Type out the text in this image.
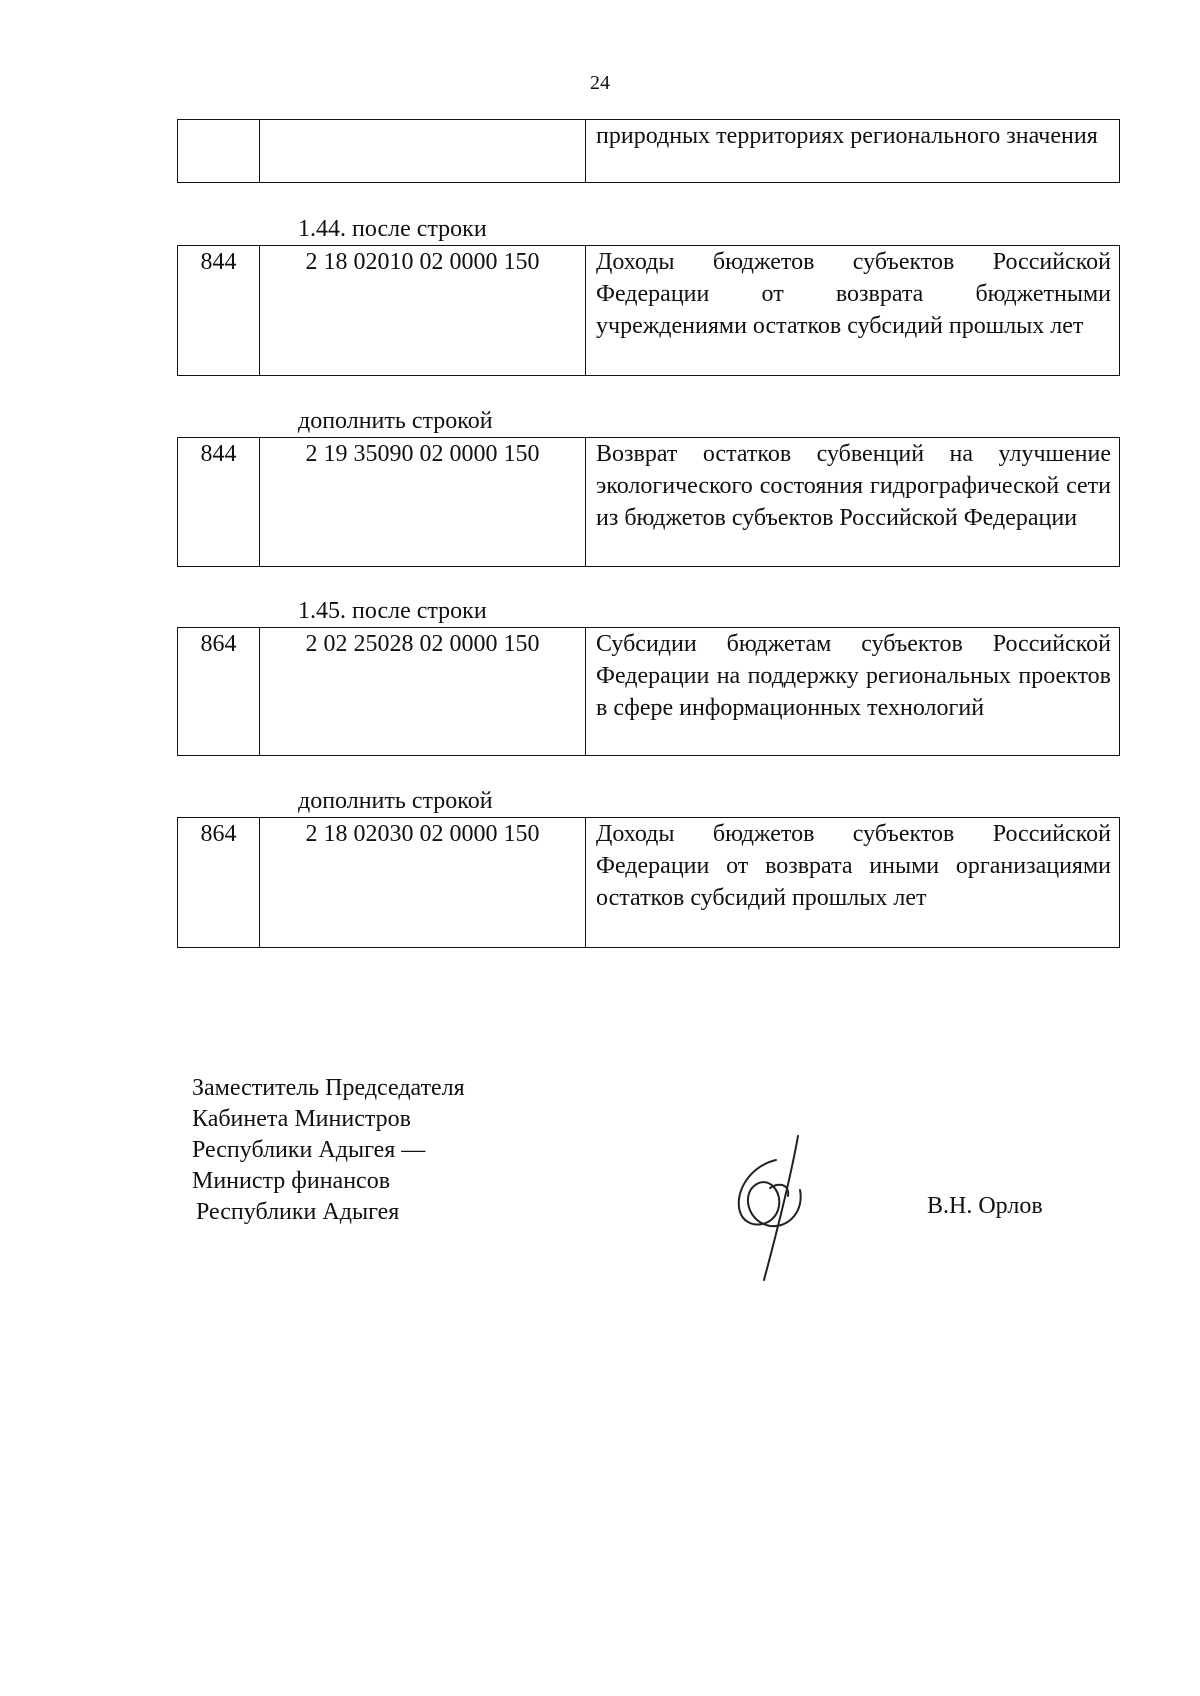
24
		природных территориях регионального значения
1.44. после строки
844	2 18 02010 02 0000 150	Доходы бюджетов субъектов Российской Федерации от возврата бюджетными учреждениями остатков субсидий прошлых лет
дополнить строкой
844	2 19 35090 02 0000 150	Возврат остатков субвенций на улучшение экологического состояния гидрографической сети из бюджетов субъектов Российской Федерации
1.45. после строки
864	2 02 25028 02 0000 150	Субсидии бюджетам субъектов Российской Федерации на поддержку региональных проектов в сфере информационных технологий
дополнить строкой
864	2 18 02030 02 0000 150	Доходы бюджетов субъектов Российской Федерации от возврата иными организациями остатков субсидий прошлых лет
Заместитель Председателя
Кабинета Министров
Республики Адыгея —
Министр финансов
Республики Адыгея	В.Н. Орлов
